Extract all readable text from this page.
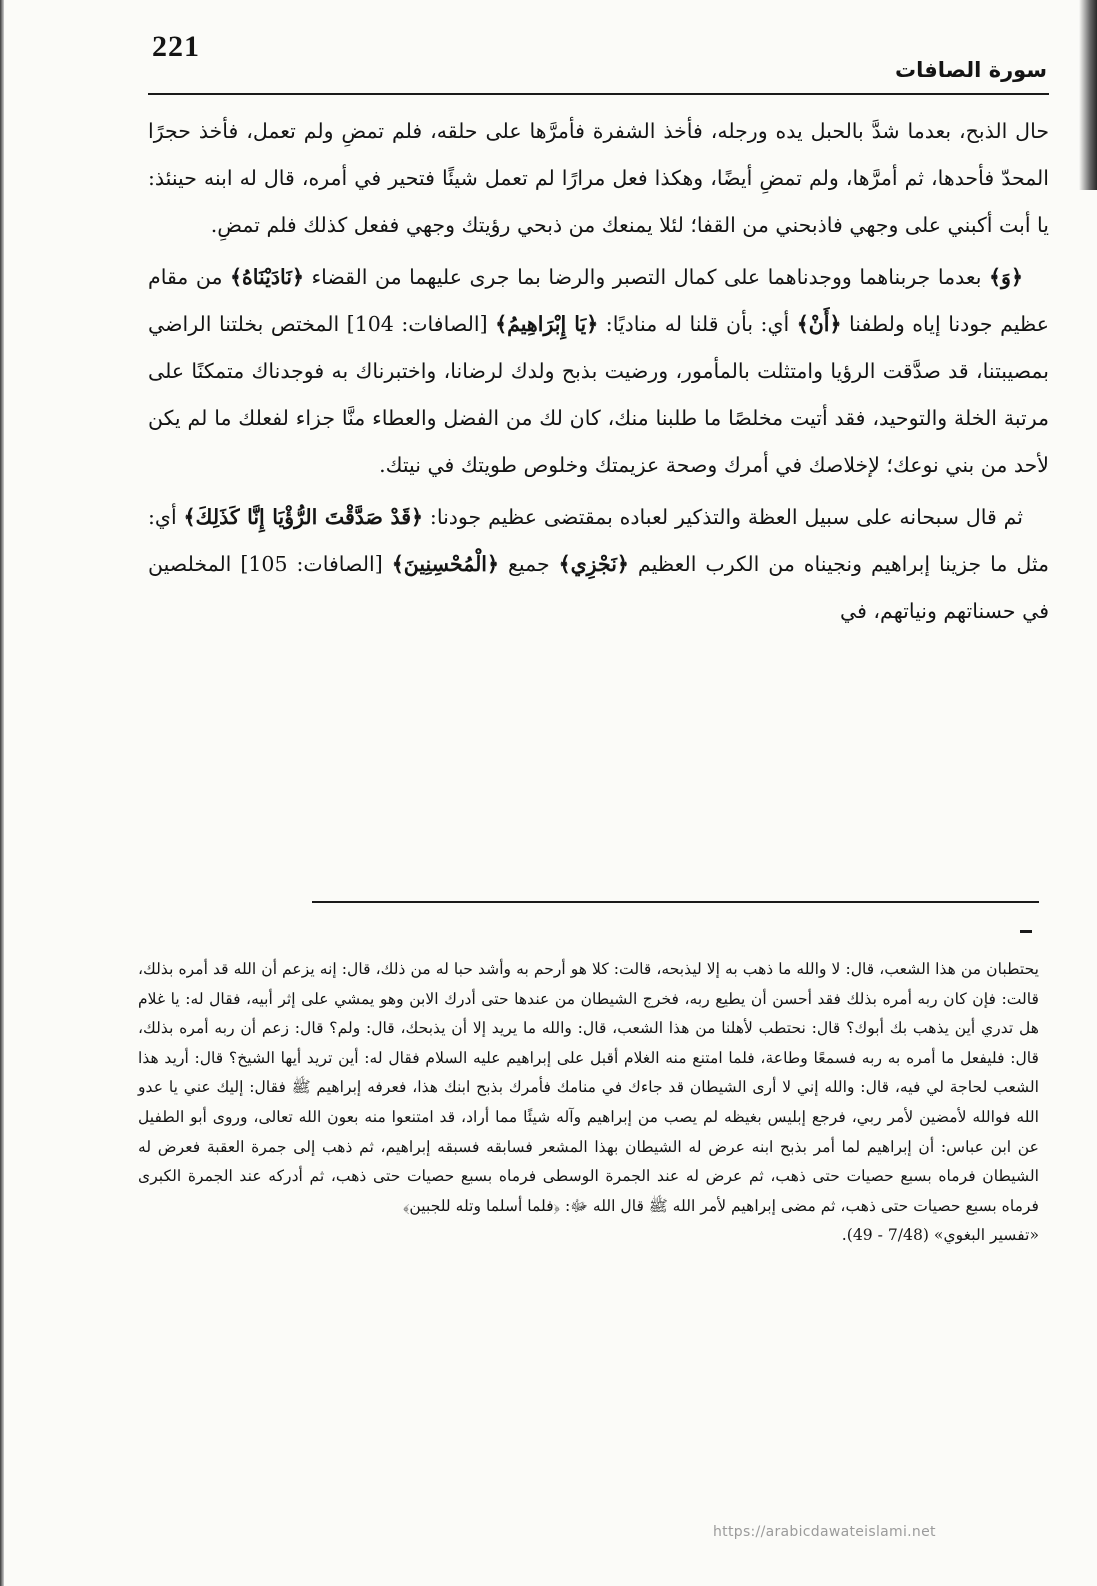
221
سورة الصافات

حال الذبح، بعدما شدَّ بالحبل يده ورجله، فأخذ الشفرة فأمرَّها على حلقه، فلم تمضِ ولم تعمل، فأخذ حجرًا المحدّ فأحدها، ثم أمرَّها، ولم تمضِ أيضًا، وهكذا فعل مرارًا لم تعمل شيئًا فتحير في أمره، قال له ابنه حينئذ: يا أبت أكبني على وجهي فاذبحني من القفا؛ لئلا يمنعك من ذبحي رؤيتك وجهي ففعل كذلك فلم تمضِ.

﴿وَ﴾ بعدما جربناهما ووجدناهما على كمال التصبر والرضا بما جرى عليهما من القضاء ﴿نَادَيْنَاهُ﴾ من مقام عظيم جودنا إياه ولطفنا ﴿أَنْ﴾ أي: بأن قلنا له مناديًا: ﴿يَا إِبْرَاهِيمُ﴾ [الصافات: 104] المختص بخلتنا الراضي بمصيبتنا، قد صدَّقت الرؤيا وامتثلت بالمأمور، ورضيت بذبح ولدك لرضانا، واختبرناك به فوجدناك متمكنًا على مرتبة الخلة والتوحيد، فقد أتيت مخلصًا ما طلبنا منك، كان لك من الفضل والعطاء منَّا جزاء لفعلك ما لم يكن لأحد من بني نوعك؛ لإخلاصك في أمرك وصحة عزيمتك وخلوص طويتك في نيتك.

ثم قال سبحانه على سبيل العظة والتذكير لعباده بمقتضى عظيم جودنا: ﴿قَدْ صَدَّقْتَ الرُّؤْيَا إِنَّا كَذَلِكَ﴾ أي: مثل ما جزينا إبراهيم ونجيناه من الكرب العظيم ﴿نَجْزِي﴾ جميع ﴿الْمُحْسِنِينَ﴾ [الصافات: 105] المخلصين في حسناتهم ونياتهم، في

يحتطبان من هذا الشعب، قال: لا والله ما ذهب به إلا ليذبحه، قالت: كلا هو أرحم به وأشد حبا له من ذلك، قال: إنه يزعم أن الله قد أمره بذلك، قالت: فإن كان ربه أمره بذلك فقد أحسن أن يطيع ربه، فخرج الشيطان من عندها حتى أدرك الابن وهو يمشي على إثر أبيه، فقال له: يا غلام هل تدري أين يذهب بك أبوك؟ قال: نحتطب لأهلنا من هذا الشعب، قال: والله ما يريد إلا أن يذبحك، قال: ولم؟ قال: زعم أن ربه أمره بذلك، قال: فليفعل ما أمره به ربه فسمعًا وطاعة، فلما امتنع منه الغلام أقبل على إبراهيم عليه السلام فقال له: أين تريد أيها الشيخ؟ قال: أريد هذا الشعب لحاجة لي فيه، قال: والله إني لا أرى الشيطان قد جاءك في منامك فأمرك بذبح ابنك هذا، فعرفه إبراهيم ﷺ فقال: إليك عني يا عدو الله فوالله لأمضين لأمر ربي، فرجع إبليس بغيظه لم يصب من إبراهيم وآله شيئًا مما أراد، قد امتنعوا منه بعون الله تعالى، وروى أبو الطفيل عن ابن عباس: أن إبراهيم لما أمر بذبح ابنه عرض له الشيطان بهذا المشعر فسابقه فسبقه إبراهيم، ثم ذهب إلى جمرة العقبة فعرض له الشيطان فرماه بسبع حصيات حتى ذهب، ثم عرض له عند الجمرة الوسطى فرماه بسبع حصيات حتى ذهب، ثم أدركه عند الجمرة الكبرى فرماه بسبع حصيات حتى ذهب، ثم مضى إبراهيم لأمر الله ﷺ قال الله ﷻ: ﴿فلما أسلما وتله للجبين﴾

«تفسير البغوي» (7/48 - 49).

https://arabicdawateislami.net
